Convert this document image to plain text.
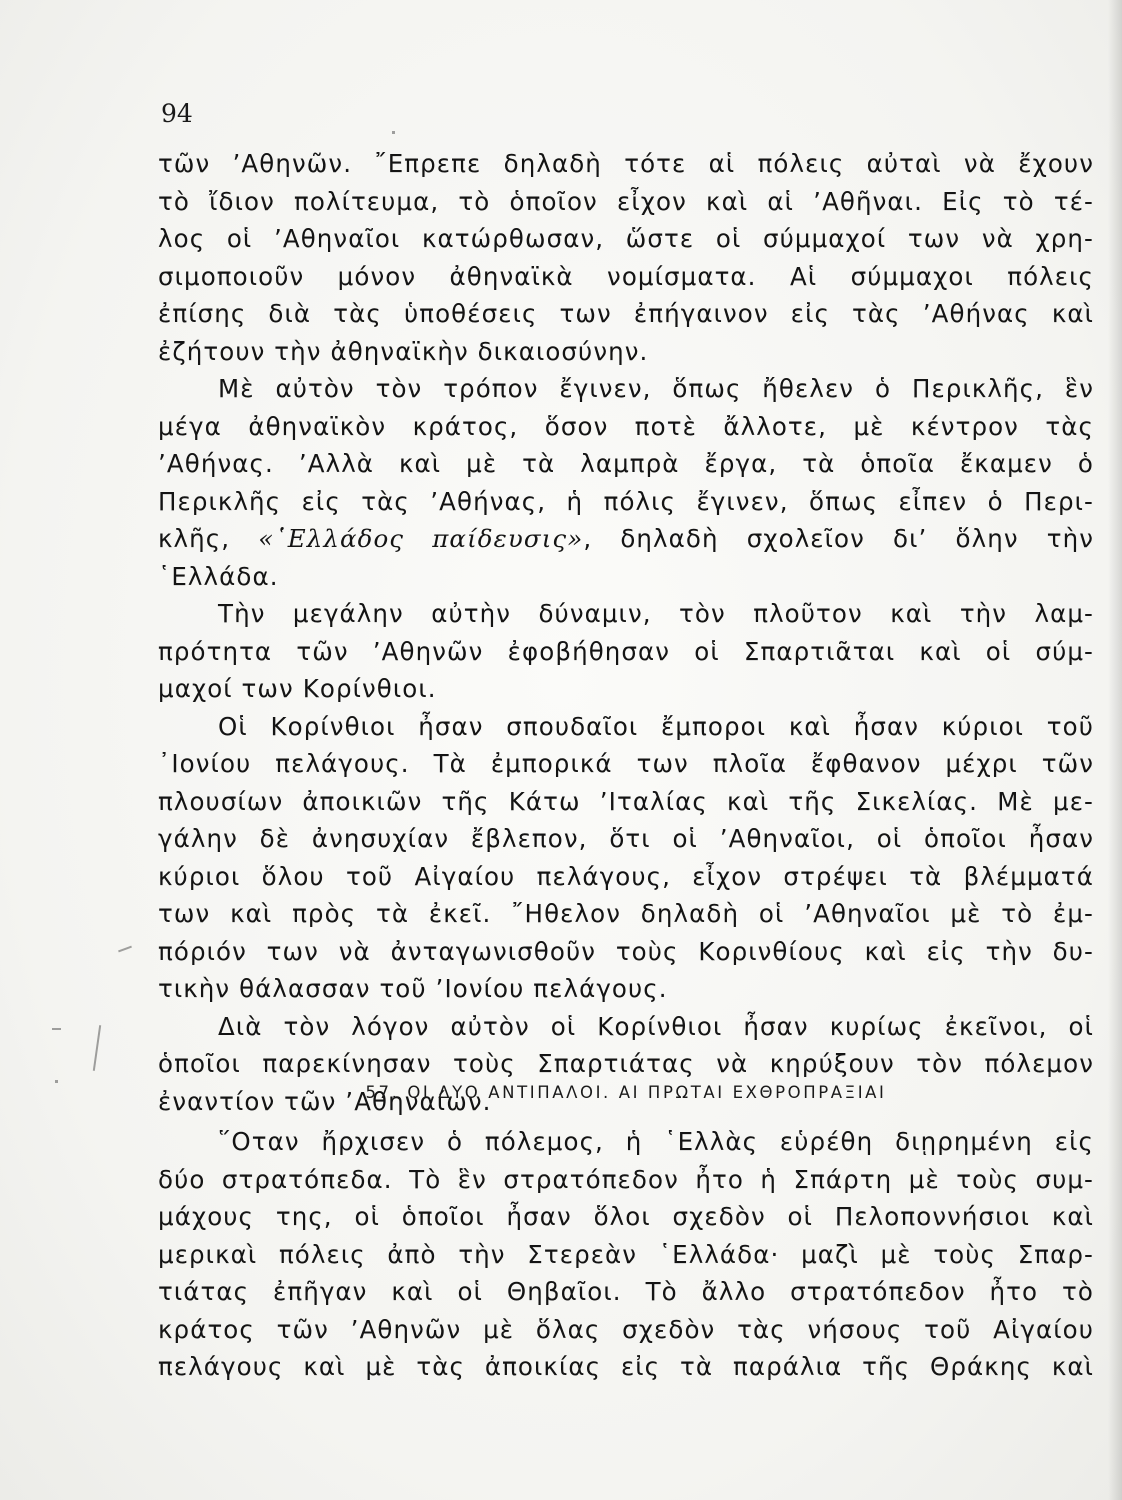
94
τῶν ’Αθηνῶν. ῎Επρεπε δηλαδὴ τότε αἱ πόλεις αὐταὶ νὰ ἔχουν
τὸ ἴδιον πολίτευμα, τὸ ὁποῖον εἶχον καὶ αἱ ’Αθῆναι. Εἰς τὸ τέ-
λος οἱ ’Αθηναῖοι κατώρθωσαν, ὥστε οἱ σύμμαχοί των νὰ χρη-
σιμοποιοῦν μόνον ἀθηναϊκὰ νομίσματα. Αἱ σύμμαχοι πόλεις
ἐπίσης διὰ τὰς ὑποθέσεις των ἐπήγαινον εἰς τὰς ’Αθήνας καὶ
ἐζήτουν τὴν ἀθηναϊκὴν δικαιοσύνην.
Μὲ αὐτὸν τὸν τρόπον ἔγινεν, ὅπως ἤθελεν ὁ Περικλῆς, ἓν
μέγα ἀθηναϊκὸν κράτος, ὅσον ποτὲ ἄλλοτε, μὲ κέντρον τὰς
’Αθήνας. ’Αλλὰ καὶ μὲ τὰ λαμπρὰ ἔργα, τὰ ὁποῖα ἔκαμεν ὁ
Περικλῆς εἰς τὰς ’Αθήνας, ἡ πόλις ἔγινεν, ὅπως εἶπεν ὁ Περι-
κλῆς, «῾Ελλάδος παίδευσις», δηλαδὴ σχολεῖον δι’ ὅλην τὴν
῾Ελλάδα.
Τὴν μεγάλην αὐτὴν δύναμιν, τὸν πλοῦτον καὶ τὴν λαμ-
πρότητα τῶν ’Αθηνῶν ἐφοβήθησαν οἱ Σπαρτιᾶται καὶ οἱ σύμ-
μαχοί των Κορίνθιοι.
Οἱ Κορίνθιοι ἦσαν σπουδαῖοι ἔμποροι καὶ ἦσαν κύριοι τοῦ
᾿Ιονίου πελάγους. Τὰ ἐμπορικά των πλοῖα ἔφθανον μέχρι τῶν
πλουσίων ἀποικιῶν τῆς Κάτω ’Ιταλίας καὶ τῆς Σικελίας. Μὲ με-
γάλην δὲ ἀνησυχίαν ἔβλεπον, ὅτι οἱ ’Αθηναῖοι, οἱ ὁποῖοι ἦσαν
κύριοι ὅλου τοῦ Αἰγαίου πελάγους, εἶχον στρέψει τὰ βλέμματά
των καὶ πρὸς τὰ ἐκεῖ. ῎Ηθελον δηλαδὴ οἱ ’Αθηναῖοι μὲ τὸ ἐμ-
πόριόν των νὰ ἀνταγωνισθοῦν τοὺς Κορινθίους καὶ εἰς τὴν δυ-
τικὴν θάλασσαν τοῦ ’Ιονίου πελάγους.
Διὰ τὸν λόγον αὐτὸν οἱ Κορίνθιοι ἦσαν κυρίως ἐκεῖνοι, οἱ
ὁποῖοι παρεκίνησαν τοὺς Σπαρτιάτας νὰ κηρύξουν τὸν πόλεμον
ἐναντίον τῶν ’Αθηναίων.
57. ΟΙ ΔΥΟ ΑΝΤΙΠΑΛΟΙ. ΑΙ ΠΡΩΤΑΙ ΕΧΘΡΟΠΡΑΞΙΑΙ
῞Οταν ἤρχισεν ὁ πόλεμος, ἡ ῾Ελλὰς εὑρέθη διῃρημένη εἰς
δύο στρατόπεδα. Τὸ ἓν στρατόπεδον ἦτο ἡ Σπάρτη μὲ τοὺς συμ-
μάχους της, οἱ ὁποῖοι ἦσαν ὅλοι σχεδὸν οἱ Πελοποννήσιοι καὶ
μερικαὶ πόλεις ἀπὸ τὴν Στερεὰν ῾Ελλάδα· μαζὶ μὲ τοὺς Σπαρ-
τιάτας ἐπῆγαν καὶ οἱ Θηβαῖοι. Τὸ ἄλλο στρατόπεδον ἦτο τὸ
κράτος τῶν ’Αθηνῶν μὲ ὅλας σχεδὸν τὰς νήσους τοῦ Αἰγαίου
πελάγους καὶ μὲ τὰς ἀποικίας εἰς τὰ παράλια τῆς Θράκης καὶ
